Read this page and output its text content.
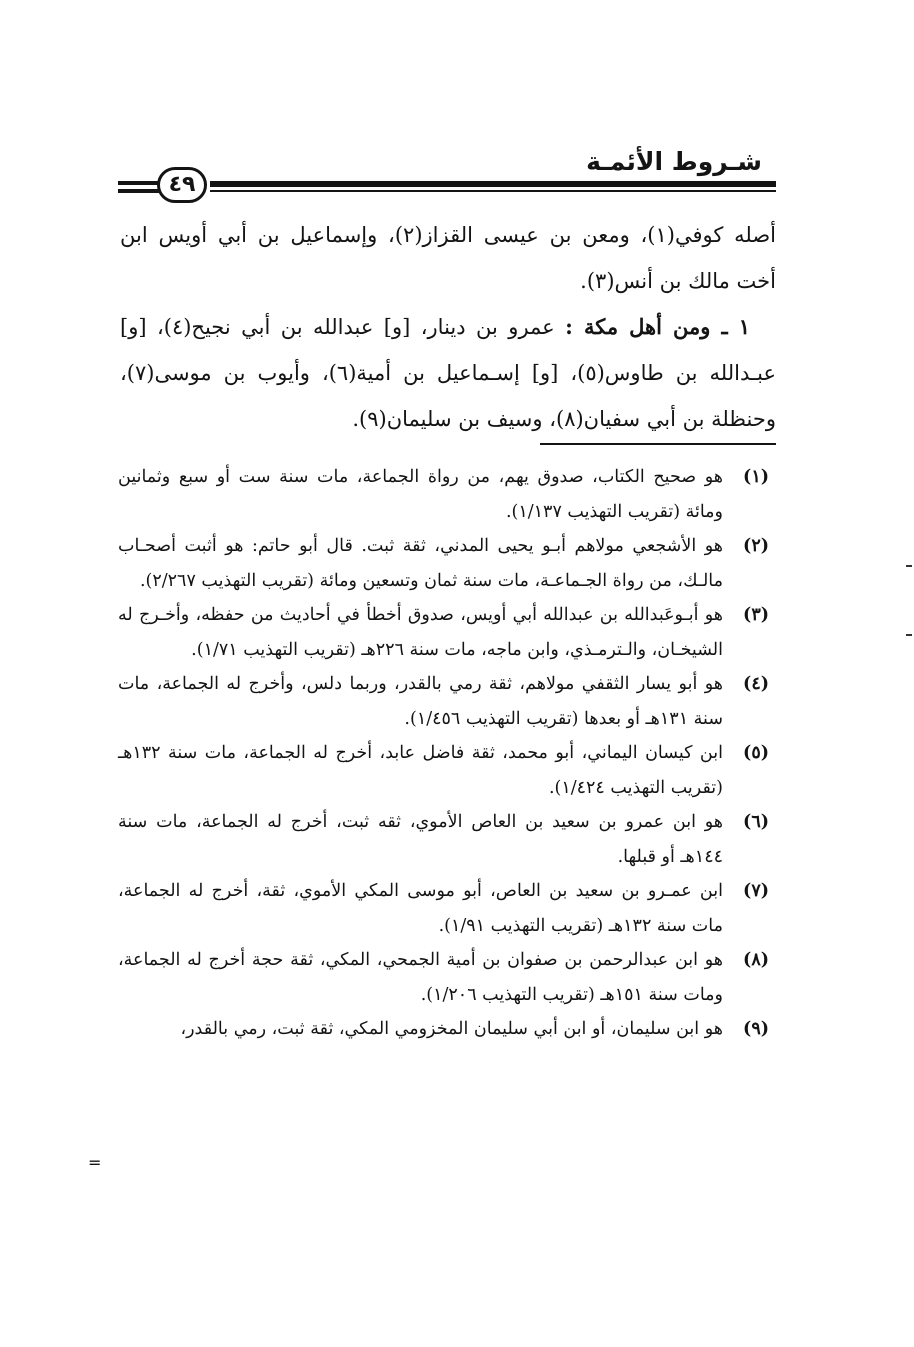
شـروط الأئمـة
٤٩

أصله كوفي(١)، ومعن بن عيسى القزاز(٢)، وإسماعيل بن أبي أويس ابن أخت مالك بن أنس(٣).

١ ـ ومن أهل مكة : عمرو بن دينار، [و] عبدالله بن أبي نجيح(٤)، [و] عبـدالله بن طاوس(٥)، [و] إسـماعيل بن أمية(٦)، وأيوب بن موسى(٧)، وحنظلة بن أبي سفيان(٨)، وسيف بن سليمان(٩).

(١)
هو صحيح الكتاب، صدوق يهم، من رواة الجماعة، مات سنة ست أو سبع وثمانين ومائة (تقريب التهذيب ١/١٣٧).

(٢)
هو الأشجعي مولاهم أبـو يحيى المدني، ثقة ثبت. قال أبو حاتم: هو أثبت أصحـاب مالـك، من رواة الجـماعـة، مات سنة ثمان وتسعين ومائة (تقريب التهذيب ٢/٢٦٧).

(٣)
هو أبـوعَبدالله بن عبدالله أبي أويس، صدوق أخطأ في أحاديث من حفظه، وأخـرج له الشيخـان، والـترمـذي، وابن ماجه، مات سنة ٢٢٦هـ (تقريب التهذيب ١/٧١).

(٤)
هو أبو يسار الثقفي مولاهم، ثقة رمي بالقدر، وربما دلس، وأخرج له الجماعة، مات سنة ١٣١هـ أو بعدها (تقريب التهذيب ١/٤٥٦).

(٥)
ابن كيسان اليماني، أبو محمد، ثقة فاضل عابد، أخرج له الجماعة، مات سنة ١٣٢هـ (تقريب التهذيب ١/٤٢٤).

(٦)
هو ابن عمرو بن سعيد بن العاص الأموي، ثقه ثبت، أخرج له الجماعة، مات سنة ١٤٤هـ أو قبلها.

(٧)
ابن عمـرو بن سعيد بن العاص، أبو موسى المكي الأموي، ثقة، أخرج له الجماعة، مات سنة ١٣٢هـ (تقريب التهذيب ١/٩١).

(٨)
هو ابن عبدالرحمن بن صفوان بن أمية الجمحي، المكي، ثقة حجة أخرج له الجماعة، ومات سنة ١٥١هـ (تقريب التهذيب ١/٢٠٦).

(٩)
هو ابن سليمان، أو ابن أبي سليمان المخزومي المكي، ثقة ثبت، رمي بالقدر،

=
